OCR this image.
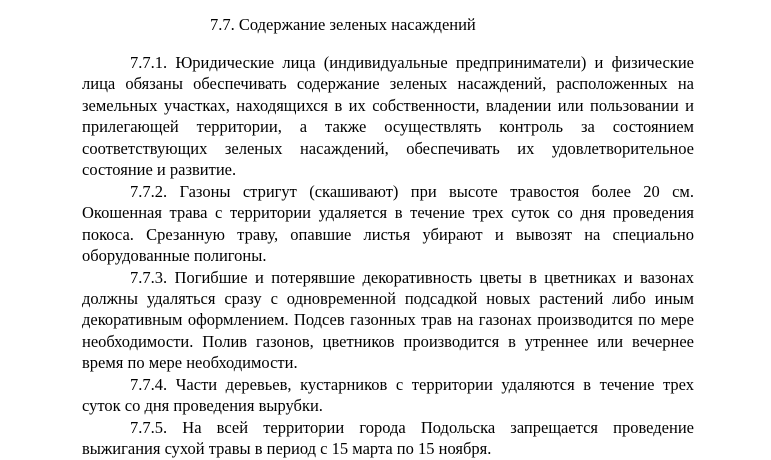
7.7. Содержание зеленых насаждений

7.7.1. Юридические лица (индивидуальные предприниматели) и физические лица обязаны обеспечивать содержание зеленых насаждений, расположенных на земельных участках, находящихся в их собственности, владении или пользовании и прилегающей территории, а также осуществлять контроль за состоянием соответствующих зеленых насаждений, обеспечивать их удовлетворительное состояние и развитие.

7.7.2. Газоны стригут (скашивают) при высоте травостоя более 20 см. Окошенная трава с территории удаляется в течение трех суток со дня проведения покоса. Срезанную траву, опавшие листья убирают и вывозят на специально оборудованные полигоны.

7.7.3. Погибшие и потерявшие декоративность цветы в цветниках и вазонах должны удаляться сразу с одновременной подсадкой новых растений либо иным декоративным оформлением. Подсев газонных трав на газонах производится по мере необходимости. Полив газонов, цветников производится в утреннее или вечернее время по мере необходимости.

7.7.4. Части деревьев, кустарников с территории удаляются в течение трех суток со дня проведения вырубки.

7.7.5. На всей территории города Подольска запрещается проведение выжигания сухой травы в период с 15 марта по 15 ноября.
